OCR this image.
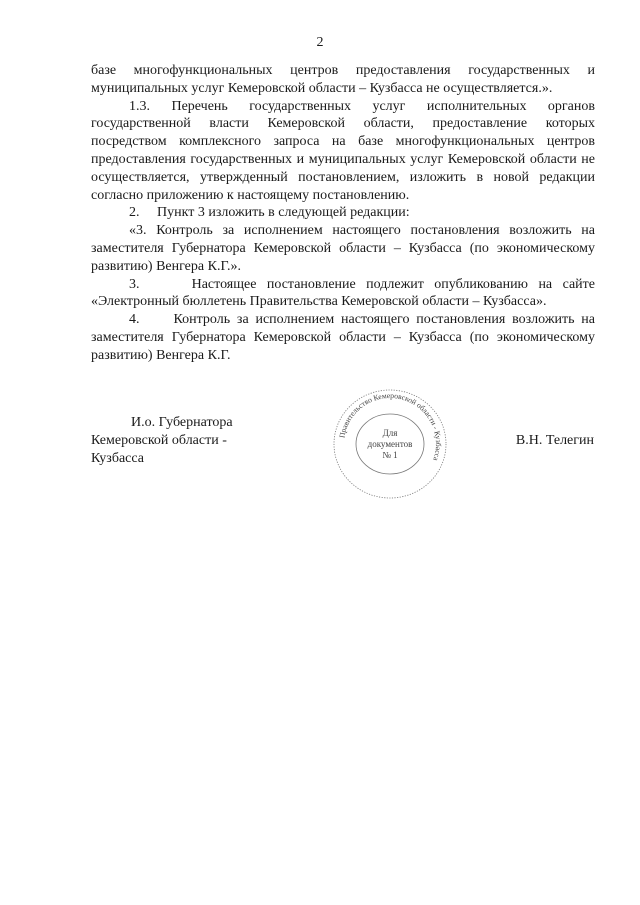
2

базе многофункциональных центров предоставления государственных и муниципальных услуг Кемеровской области – Кузбасса не осуществляется.».

1.3. Перечень государственных услуг исполнительных органов государственной власти Кемеровской области, предоставление которых посредством комплексного запроса на базе многофункциональных центров предоставления государственных и муниципальных услуг Кемеровской области не осуществляется, утвержденный постановлением, изложить в новой редакции согласно приложению к настоящему постановлению.

2.     Пункт 3 изложить в следующей редакции:

«3. Контроль за исполнением настоящего постановления возложить на заместителя Губернатора Кемеровской области – Кузбасса (по экономическому развитию) Венгера К.Г.».

3.     Настоящее постановление подлежит опубликованию на сайте «Электронный бюллетень Правительства Кемеровской области – Кузбасса».

4.     Контроль за исполнением настоящего постановления возложить на заместителя Губернатора Кемеровской области – Кузбасса (по экономическому развитию) Венгера К.Г.

И.о. Губернатора
Кемеровской области - Кузбасса
Правительство Кемеровской области - Кузбасса
Для
документов
№ 1
В.Н. Телегин
